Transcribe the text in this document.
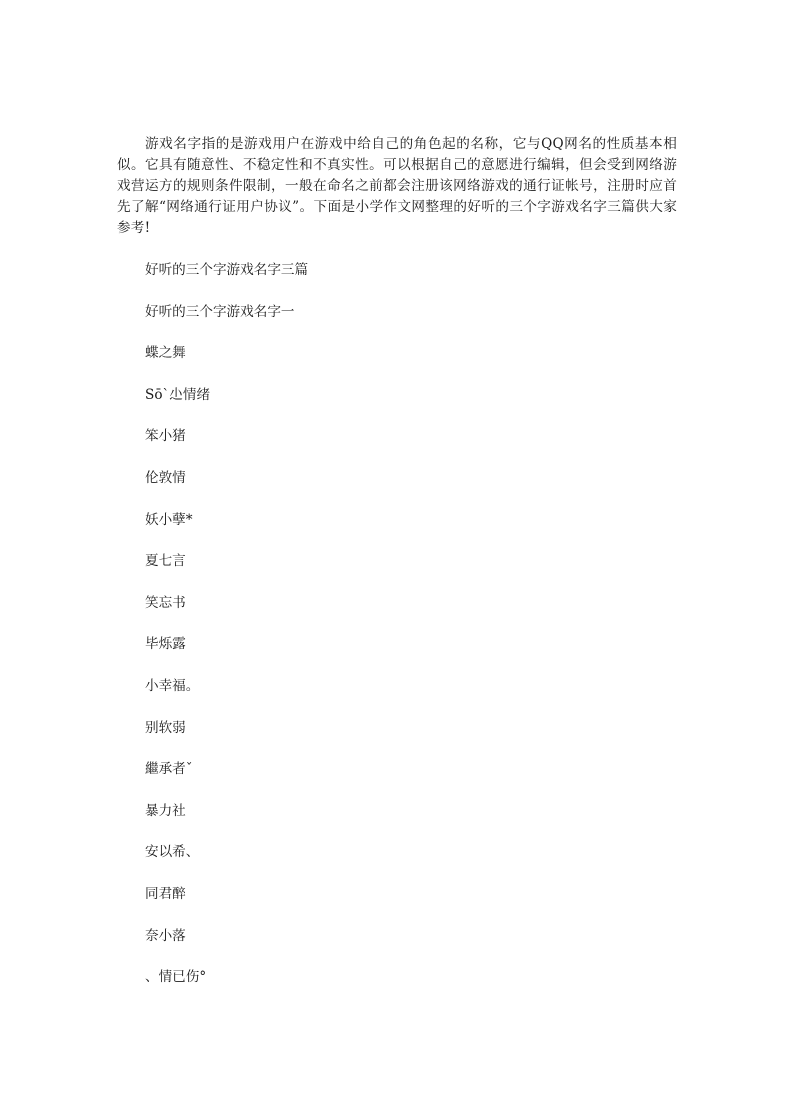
游戏名字指的是游戏用户在游戏中给自己的角色起的名称，它与QQ网名的性质基本相似。它具有随意性、不稳定性和不真实性。可以根据自己的意愿进行编辑，但会受到网络游戏营运方的规则条件限制，一般在命名之前都会注册该网络游戏的通行证帐号，注册时应首先了解“网络通行证用户协议”。下面是小学作文网整理的好听的三个字游戏名字三篇供大家参考!

好听的三个字游戏名字三篇
好听的三个字游戏名字一
蝶之舞
Sō`尐情绪
笨小猪
伦敦情
妖小孽*
夏七言
笑忘书
毕烁露
小幸福。
别软弱
繼承者ˇ
暴力社
安以希、
同君醉
奈小落
、情已伤°
